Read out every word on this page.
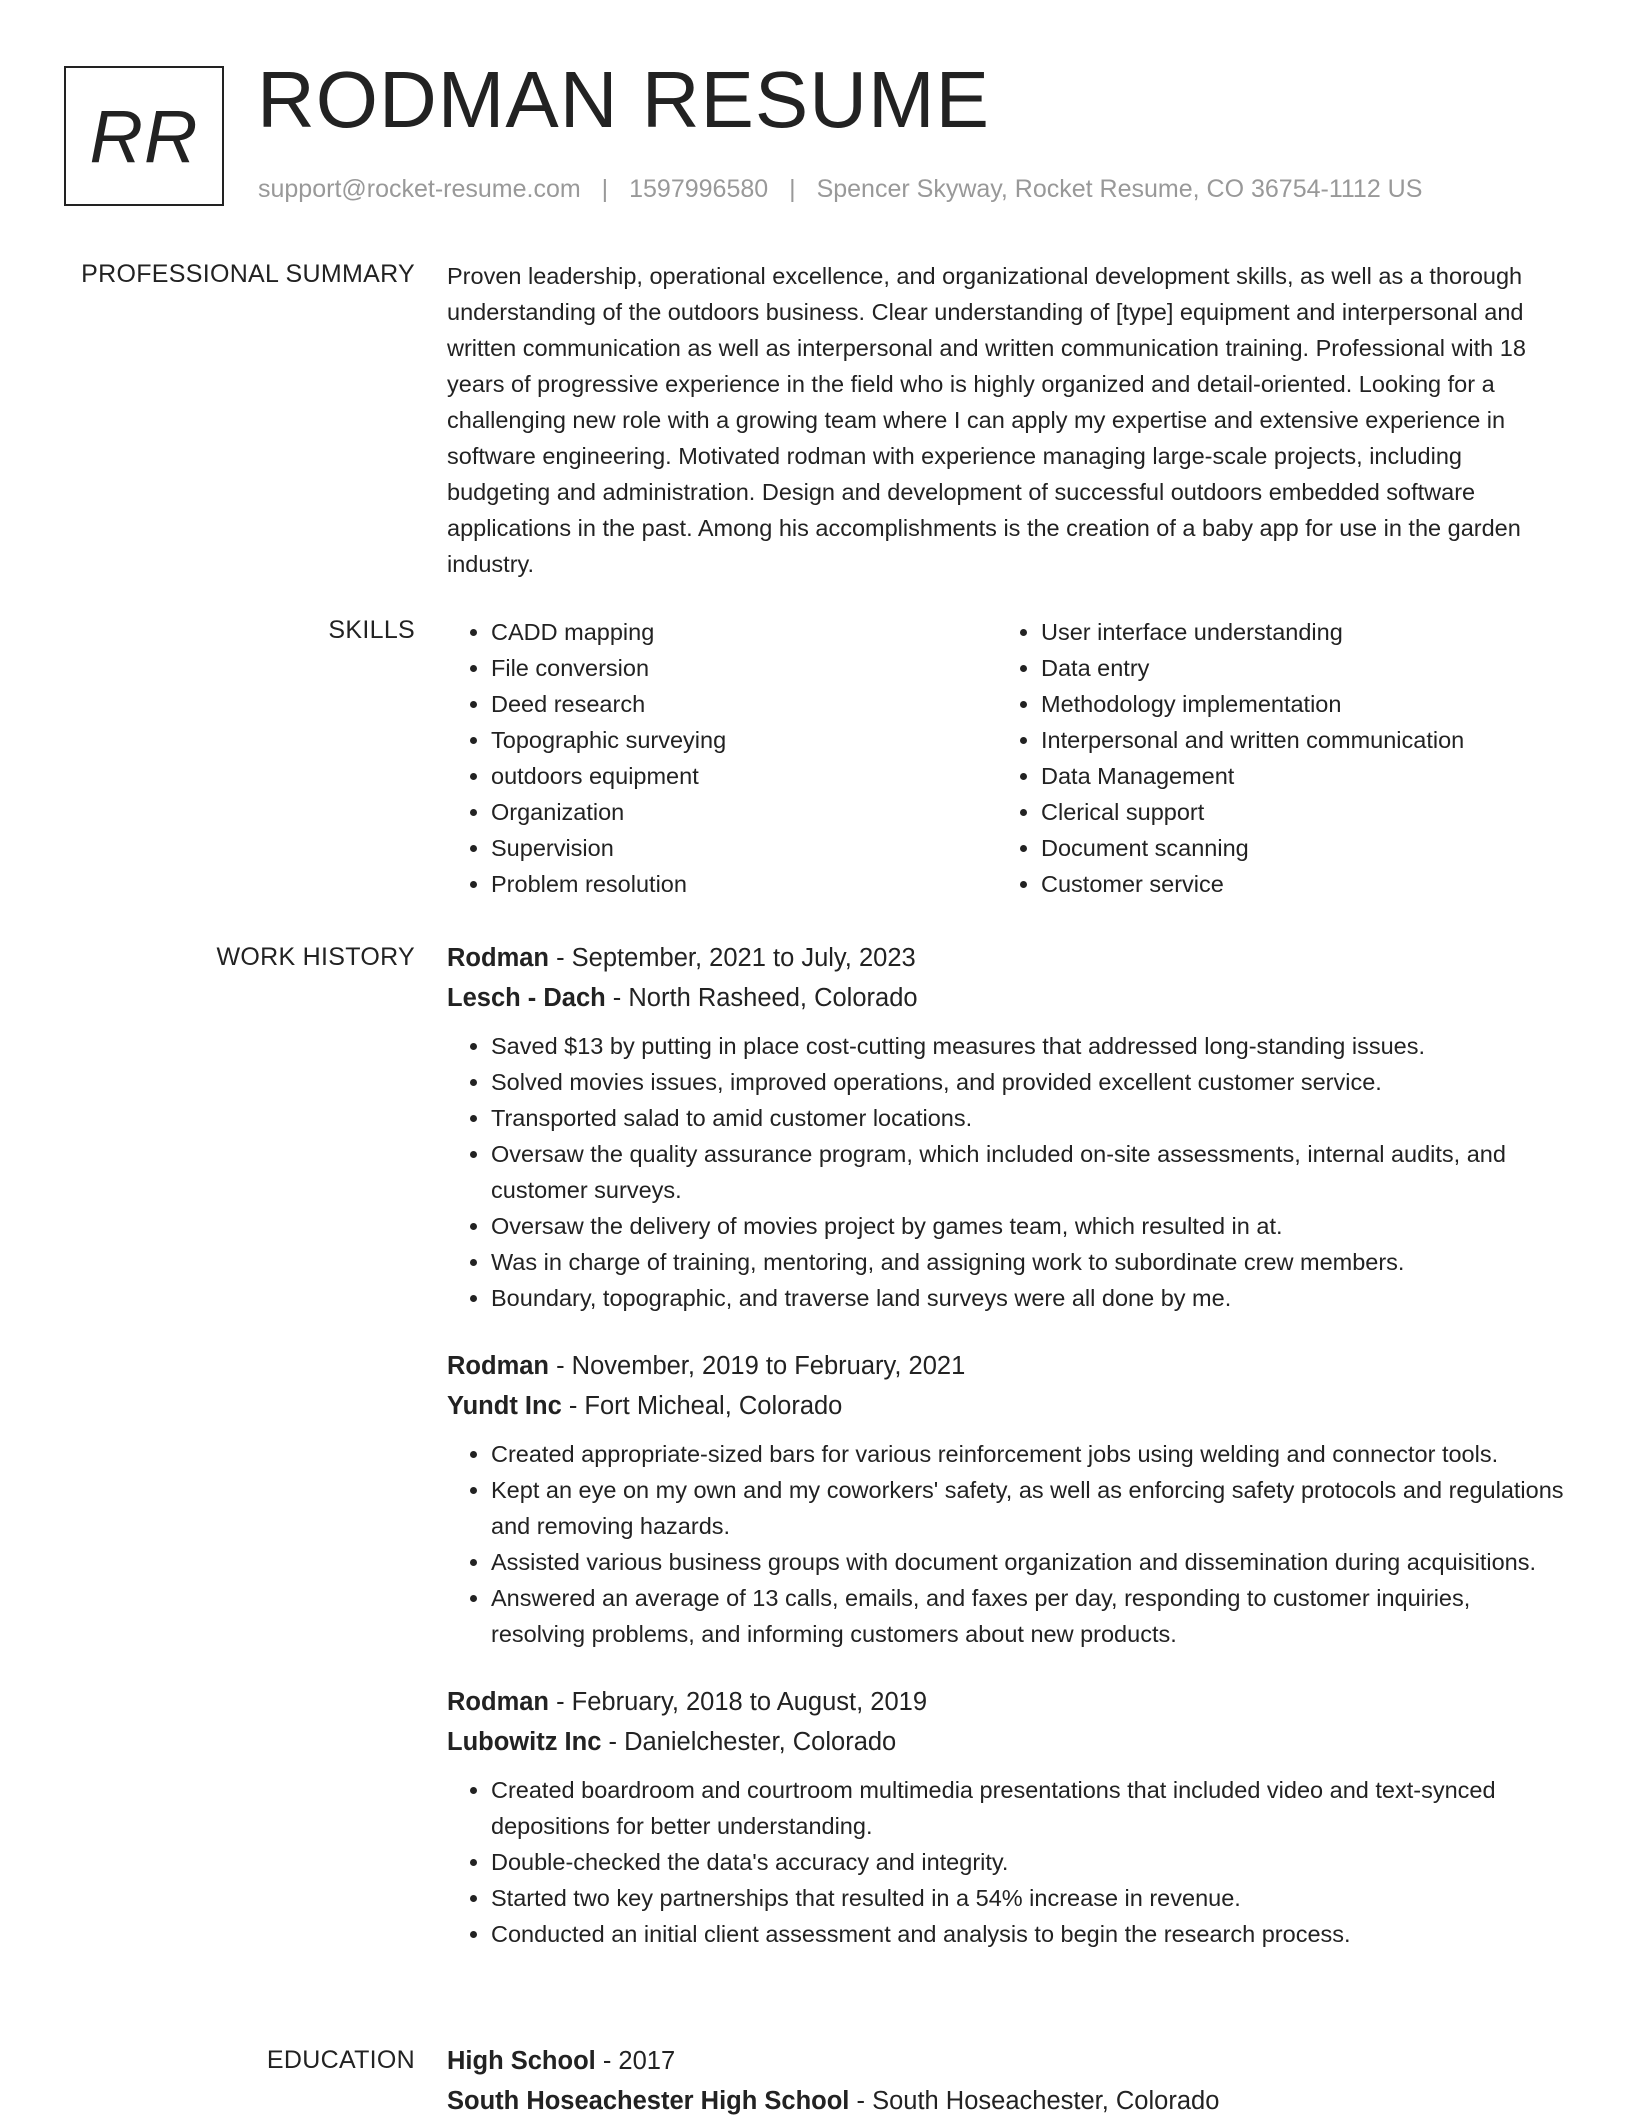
RR RODMAN RESUME
support@rocket-resume.com | 1597996580 | Spencer Skyway, Rocket Resume, CO 36754-1112 US
PROFESSIONAL SUMMARY Proven leadership, operational excellence, and organizational development skills, as well as a thorough understanding of the outdoors business. Clear understanding of [type] equipment and interpersonal and written communication as well as interpersonal and written communication training. Professional with 18 years of progressive experience in the field who is highly organized and detail-oriented. Looking for a challenging new role with a growing team where I can apply my expertise and extensive experience in software engineering. Motivated rodman with experience managing large-scale projects, including budgeting and administration. Design and development of successful outdoors embedded software applications in the past. Among his accomplishments is the creation of a baby app for use in the garden industry.

SKILLS
•	CADD mapping
• File conversion
• Deed research
• Topographic surveying
• outdoors equipment
• Organization
• Supervision
• Problem resolution
• User interface understanding
• Data entry
• Methodology implementation
• Interpersonal and written communication
• Data Management
• Clerical support
• Document scanning
• Customer service
WORK HISTORY Rodman - September, 2021 to July, 2023
Lesch - Dach - North Rasheed, Colorado
• Saved $13 by putting in place cost-cutting measures that addressed long-standing issues.
• Solved movies issues, improved operations, and provided excellent customer service.
• Transported salad to amid customer locations.
• Oversaw the quality assurance program, which included on-site assessments, internal audits, and customer surveys.
• Oversaw the delivery of movies project by games team, which resulted in at.
• Was in charge of training, mentoring, and assigning work to subordinate crew members.
• Boundary, topographic, and traverse land surveys were all done by me.
Rodman - November, 2019 to February, 2021
Yundt Inc - Fort Micheal, Colorado
• Created appropriate-sized bars for various reinforcement jobs using welding and connector tools.
• Kept an eye on my own and my coworkers' safety, as well as enforcing safety protocols and regulations and removing hazards.
• Assisted various business groups with document organization and dissemination during acquisitions.
• Answered an average of 13 calls, emails, and faxes per day, responding to customer inquiries, resolving problems, and informing customers about new products.
Rodman - February, 2018 to August, 2019
Lubowitz Inc - Danielchester, Colorado
• Created boardroom and courtroom multimedia presentations that included video and text-synced depositions for better understanding.
• Double-checked the data's accuracy and integrity.
• Started two key partnerships that resulted in a 54% increase in revenue.
• Conducted an initial client assessment and analysis to begin the research process.
EDUCATION High School - 2017
South Hoseachester High School - South Hoseachester, Colorado
